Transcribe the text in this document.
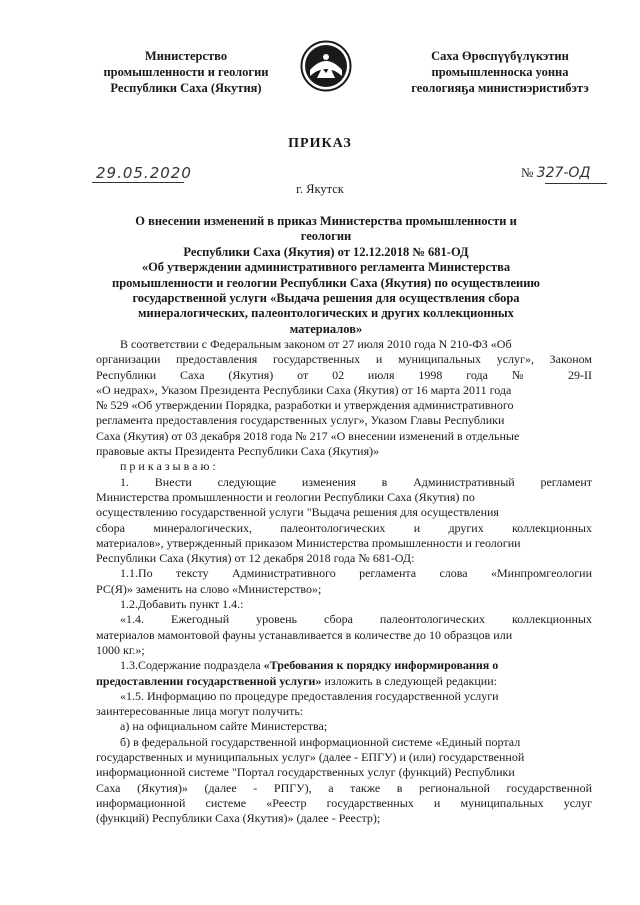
Министерство
промышленности и геологии
Республики Саха (Якутия)
Саха Өрөспүүбүлүкэтин
промышленноска уонна
геологияҕа министиэристибэтэ
ПРИКАЗ
29.05.2020	№ 327-ОД
г. Якутск
О внесении изменений в приказ Министерства промышленности и геологии
Республики Саха (Якутия) от 12.12.2018 № 681-ОД
«Об утверждении административного регламента Министерства
промышленности и геологии Республики Саха (Якутия) по осуществлению
государственной услуги «Выдача решения для осуществления сбора
минералогических, палеонтологических и других коллекционных
материалов»
В соответствии с Федеральным законом от 27 июля 2010 года N 210-ФЗ «Об
организации предоставления государственных и муниципальных услуг», Законом
Республики Саха (Якутия) от 02 июля 1998 года № 29-II
«О недрах», Указом Президента Республики Саха (Якутия) от 16 марта 2011 года
№ 529 «Об утверждении Порядка, разработки и утверждения административного
регламента предоставления государственных услуг», Указом Главы Республики
Саха (Якутия) от 03 декабря 2018 года № 217 «О внесении изменений в отдельные
правовые акты Президента Республики Саха (Якутия)»
приказываю:
1. Внести следующие изменения в Административный регламент
Министерства промышленности и геологии Республики Саха (Якутия) по
осуществлению государственной услуги "Выдача решения для осуществления
сбора минералогических, палеонтологических и других коллекционных
материалов», утвержденный приказом Министерства промышленности и геологии
Республики Саха (Якутия) от 12 декабря 2018 года № 681-ОД:
1.1.По тексту Административного регламента слова «Минпромгеологии
РС(Я)» заменить на слово «Министерство»;
1.2.Добавить пункт 1.4.:
«1.4. Ежегодный уровень сбора палеонтологических коллекционных
материалов мамонтовой фауны устанавливается в количестве до 10 образцов или
1000 кг.»;
1.3.Содержание подраздела «Требования к порядку информирования о
предоставлении государственной услуги» изложить в следующей редакции:
«1.5. Информацию по процедуре предоставления государственной услуги
заинтересованные лица могут получить:
а) на официальном сайте Министерства;
б) в федеральной государственной информационной системе «Единый портал
государственных и муниципальных услуг» (далее - ЕПГУ) и (или) государственной
информационной системе "Портал государственных услуг (функций) Республики
Саха (Якутия)» (далее - РПГУ), а также в региональной государственной
информационной системе «Реестр государственных и муниципальных услуг
(функций) Республики Саха (Якутия)» (далее - Реестр);
